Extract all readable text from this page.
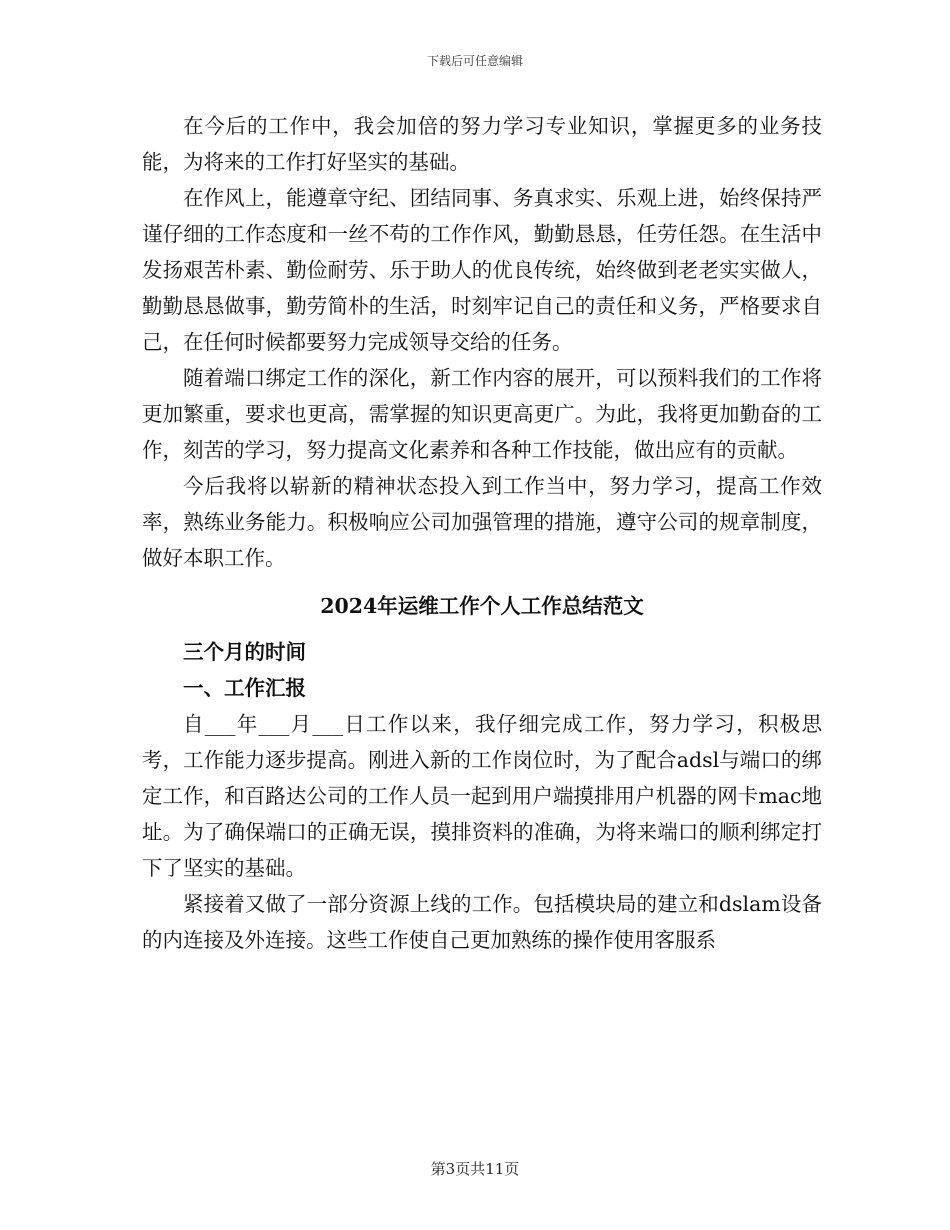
下载后可任意编辑

在今后的工作中，我会加倍的努力学习专业知识，掌握更多的业务技能，为将来的工作打好坚实的基础。

在作风上，能遵章守纪、团结同事、务真求实、乐观上进，始终保持严谨仔细的工作态度和一丝不苟的工作作风，勤勤恳恳，任劳任怨。在生活中发扬艰苦朴素、勤俭耐劳、乐于助人的优良传统，始终做到老老实实做人，勤勤恳恳做事，勤劳简朴的生活，时刻牢记自己的责任和义务，严格要求自己，在任何时候都要努力完成领导交给的任务。

随着端口绑定工作的深化，新工作内容的展开，可以预料我们的工作将更加繁重，要求也更高，需掌握的知识更高更广。为此，我将更加勤奋的工作，刻苦的学习，努力提高文化素养和各种工作技能，做出应有的贡献。

今后我将以崭新的精神状态投入到工作当中，努力学习，提高工作效率，熟练业务能力。积极响应公司加强管理的措施，遵守公司的规章制度，做好本职工作。

2024年运维工作个人工作总结范文

三个月的时间

一、工作汇报

自___年___月___日工作以来，我仔细完成工作，努力学习，积极思考，工作能力逐步提高。刚进入新的工作岗位时，为了配合adsl与端口的绑定工作，和百路达公司的工作人员一起到用户端摸排用户机器的网卡mac地址。为了确保端口的正确无误，摸排资料的准确，为将来端口的顺利绑定打下了坚实的基础。

紧接着又做了一部分资源上线的工作。包括模块局的建立和dslam设备的内连接及外连接。这些工作使自己更加熟练的操作使用客服系

第3页共11页
